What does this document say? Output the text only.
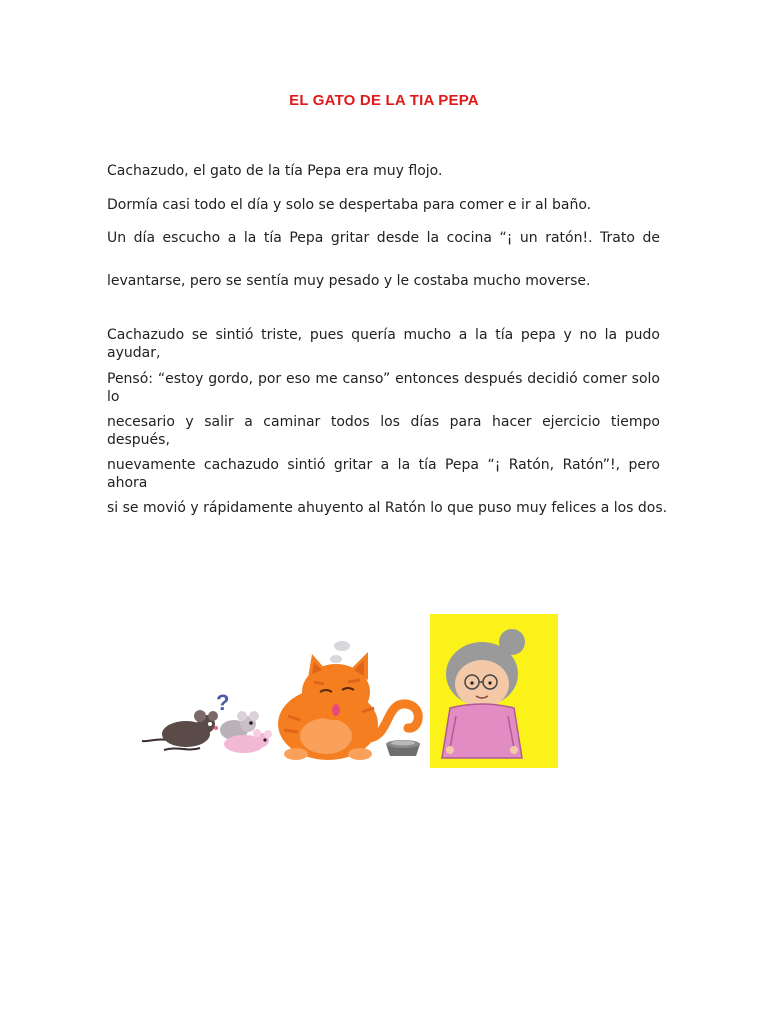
EL GATO DE LA TIA PEPA
Cachazudo, el gato de la tía Pepa era muy flojo.
Dormía casi todo el día y solo se despertaba para comer e ir al baño.
Un día escucho a la tía Pepa gritar desde la cocina “¡ un ratón!. Trato de
levantarse, pero se sentía muy pesado y le costaba mucho moverse.
Cachazudo se sintió triste, pues quería mucho a la tía pepa y no la pudo ayudar,
Pensó: “estoy gordo, por eso me canso” entonces después decidió comer solo lo
necesario y salir a caminar todos los días para hacer ejercicio tiempo después,
nuevamente cachazudo sintió gritar a la tía Pepa “¡ Ratón, Ratón”!, pero ahora
si se movió y rápidamente ahuyento al Ratón lo que puso muy felices a los dos.
?
